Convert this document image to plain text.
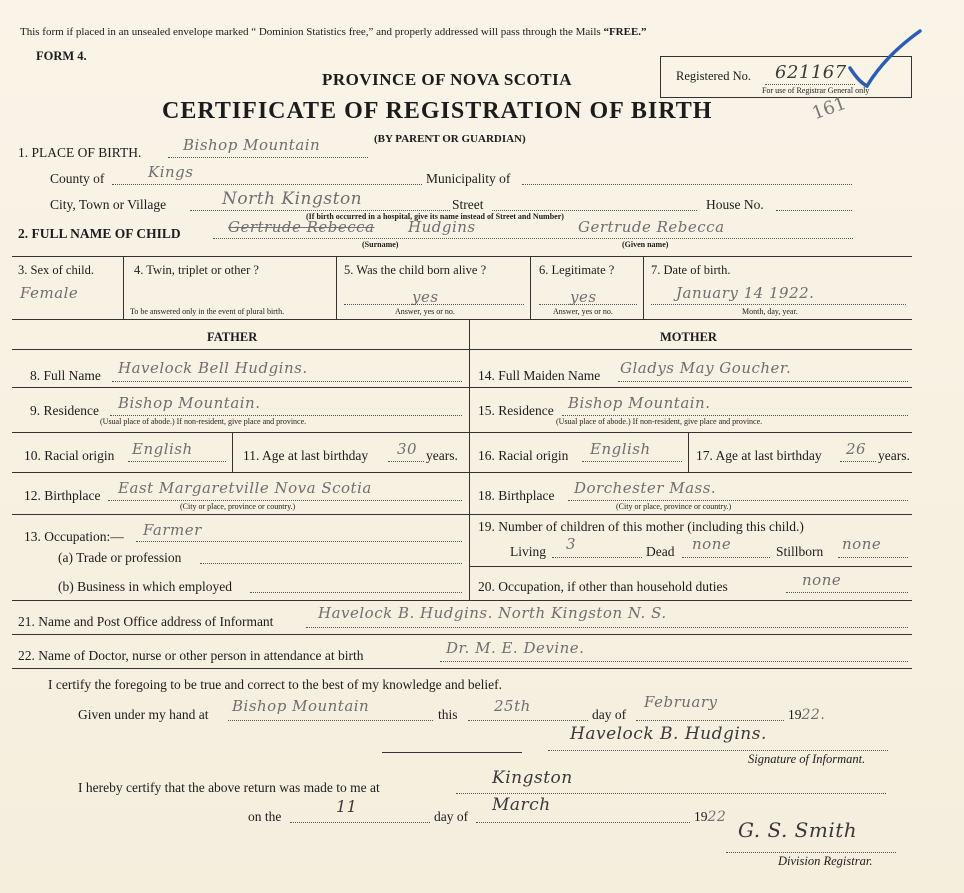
This form if placed in an unsealed envelope marked “ Dominion Statistics free,” and properly addressed will pass through the Mails “FREE.”
FORM 4.
PROVINCE OF NOVA SCOTIA
CERTIFICATE OF REGISTRATION OF BIRTH
(BY PARENT OR GUARDIAN)
Registered No. 621167
For use of Registrar General only
161
1. PLACE OF BIRTH.	Bishop Mountain
County of	Kings	Municipality of
City, Town or Village	North Kingston	Street	House No.
(If birth occurred in a hospital, give its name instead of Street and Number)
2. FULL NAME OF CHILD	Gertrude Rebecca Hudgins	Gertrude Rebecca
(Surname)	(Given name)
3. Sex of child.
Female
4. Twin, triplet or other ?
To be answered only in the event of plural birth.
5. Was the child born alive ?
yes
Answer, yes or no.
6. Legitimate ?
yes
Answer, yes or no.
7. Date of birth.
January 14 1922.
Month, day, year.
FATHER	MOTHER
8. Full Name Havelock Bell Hudgins.	14. Full Maiden Name Gladys May Goucher.
9. Residence Bishop Mountain.
(Usual place of abode.) If non-resident, give place and province.
15. Residence Bishop Mountain.
(Usual place of abode.) If non-resident, give place and province.
10. Racial origin English	11. Age at last birthday 30 years. 16. Racial origin English	17. Age at last birthday 26 years.
12. Birthplace East Margaretville Nova Scotia
(City or place, province or country.)
18. Birthplace Dorchester Mass.
(City or place, province or country.)
13. Occupation:— Farmer
(a) Trade or profession
(b) Business in which employed
19. Number of children of this mother (including this child.)
Living 3	Dead none	Stillborn none
20. Occupation, if other than household duties	none
21. Name and Post Office address of Informant	Havelock B. Hudgins. North Kingston N. S.
22. Name of Doctor, nurse or other person in attendance at birth	Dr. M. E. Devine.
I certify the foregoing to be true and correct to the best of my knowledge and belief.
Given under my hand at Bishop Mountain	this 25th	day of
February
1922.
Havelock B. Hudgins.
Signature of Informant.
I hereby certify that the above return was made to me at	Kingston
on the
11
day of
March
1922
G. S. Smith
Division Registrar.
